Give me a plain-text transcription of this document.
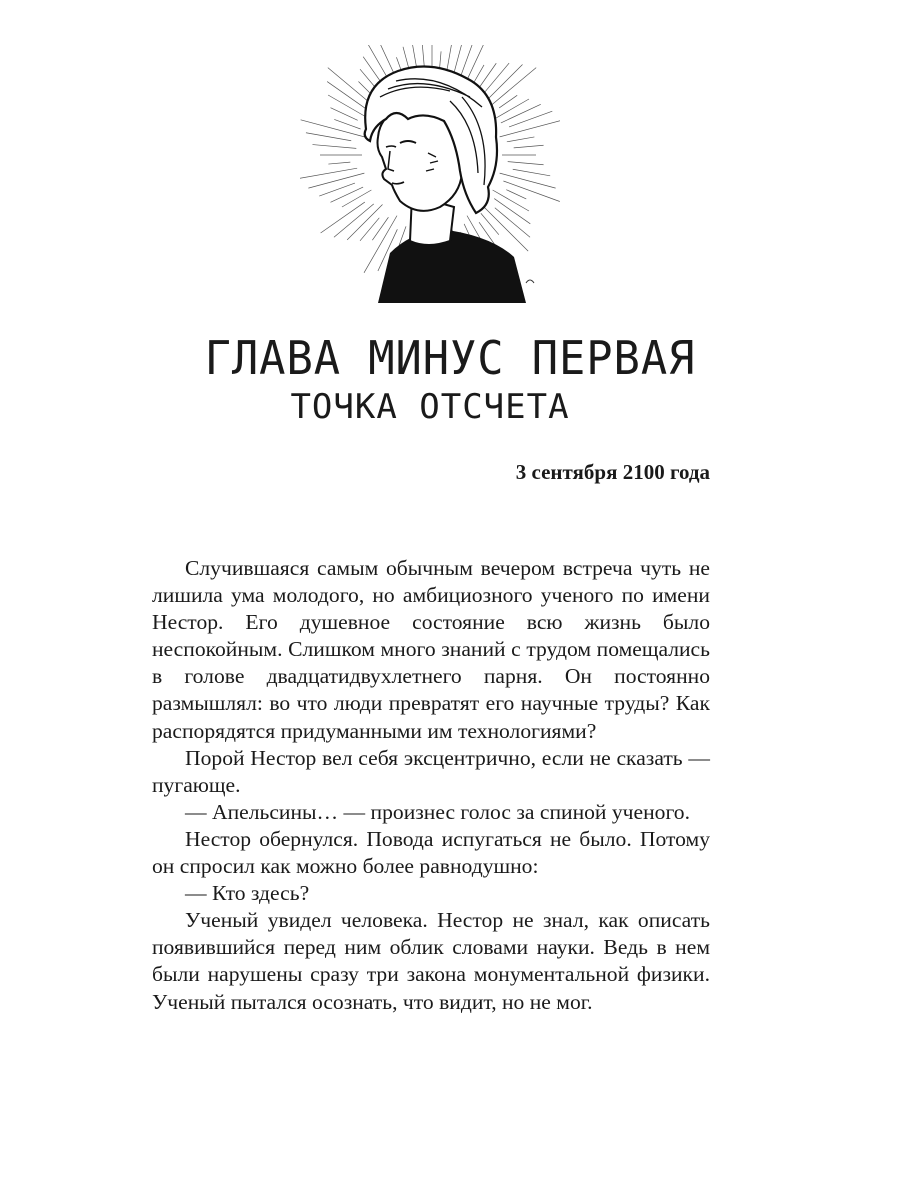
ГЛАВА МИНУС ПЕРВАЯ
ТОЧКА ОТСЧЕТА
3 сентября 2100 года

Случившаяся самым обычным вечером встреча чуть не лишила ума молодого, но амбициозного ученого по имени Нестор. Его душевное состояние всю жизнь было неспокойным. Слишком много знаний с трудом помещались в голове двадцатидвухлетнего парня. Он постоянно размышлял: во что люди превратят его научные труды? Как распорядятся придуманными им технологиями?

Порой Нестор вел себя эксцентрично, если не сказать — пугающе.

— Апельсины… — произнес голос за спиной ученого.

Нестор обернулся. Повода испугаться не было. Потому он спросил как можно более равнодушно:

— Кто здесь?

Ученый увидел человека. Нестор не знал, как описать появившийся перед ним облик словами науки. Ведь в нем были нарушены сразу три закона монументальной физики. Ученый пытался осознать, что видит, но не мог.
